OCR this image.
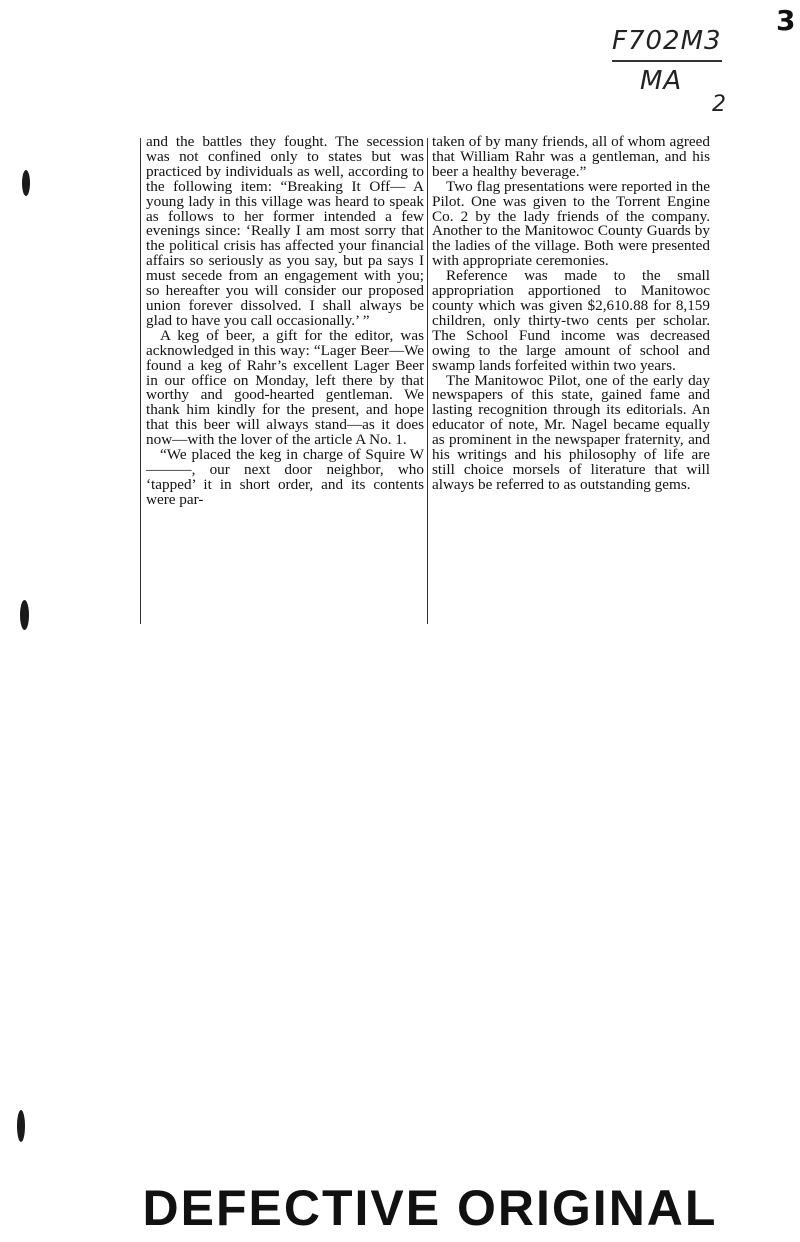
3
F702M3
MA
2

and the battles they fought. The secession was not confined only to states but was practiced by individuals as well, according to the following item: “Breaking It Off— A young lady in this village was heard to speak as follows to her former intended a few evenings since: ‘Really I am most sorry that the political crisis has affected your financial affairs so seriously as you say, but pa says I must secede from an engagement with you; so hereafter you will consider our proposed union forever dissolved. I shall always be glad to have you call occasionally.’ ”

A keg of beer, a gift for the editor, was acknowledged in this way: “Lager Beer—We found a keg of Rahr’s excellent Lager Beer in our office on Monday, left there by that worthy and good-hearted gentleman. We thank him kindly for the present, and hope that this beer will always stand—as it does now—with the lover of the article A No. 1.

“We placed the keg in charge of Squire W———, our next door neighbor, who ‘tapped’ it in short order, and its contents were par-

taken of by many friends, all of whom agreed that William Rahr was a gentleman, and his beer a healthy beverage.”

Two flag presentations were reported in the Pilot. One was given to the Torrent Engine Co. 2 by the lady friends of the company. Another to the Manitowoc County Guards by the ladies of the village. Both were presented with appropriate ceremonies.

Reference was made to the small appropriation apportioned to Manitowoc county which was given $2,610.88 for 8,159 children, only thirty-two cents per scholar. The School Fund income was decreased owing to the large amount of school and swamp lands forfeited within two years.

The Manitowoc Pilot, one of the early day newspapers of this state, gained fame and lasting recognition through its editorials. An educator of note, Mr. Nagel became equally as prominent in the newspaper fraternity, and his writings and his philosophy of life are still choice morsels of literature that will always be referred to as outstanding gems.

DEFECTIVE ORIGINAL
